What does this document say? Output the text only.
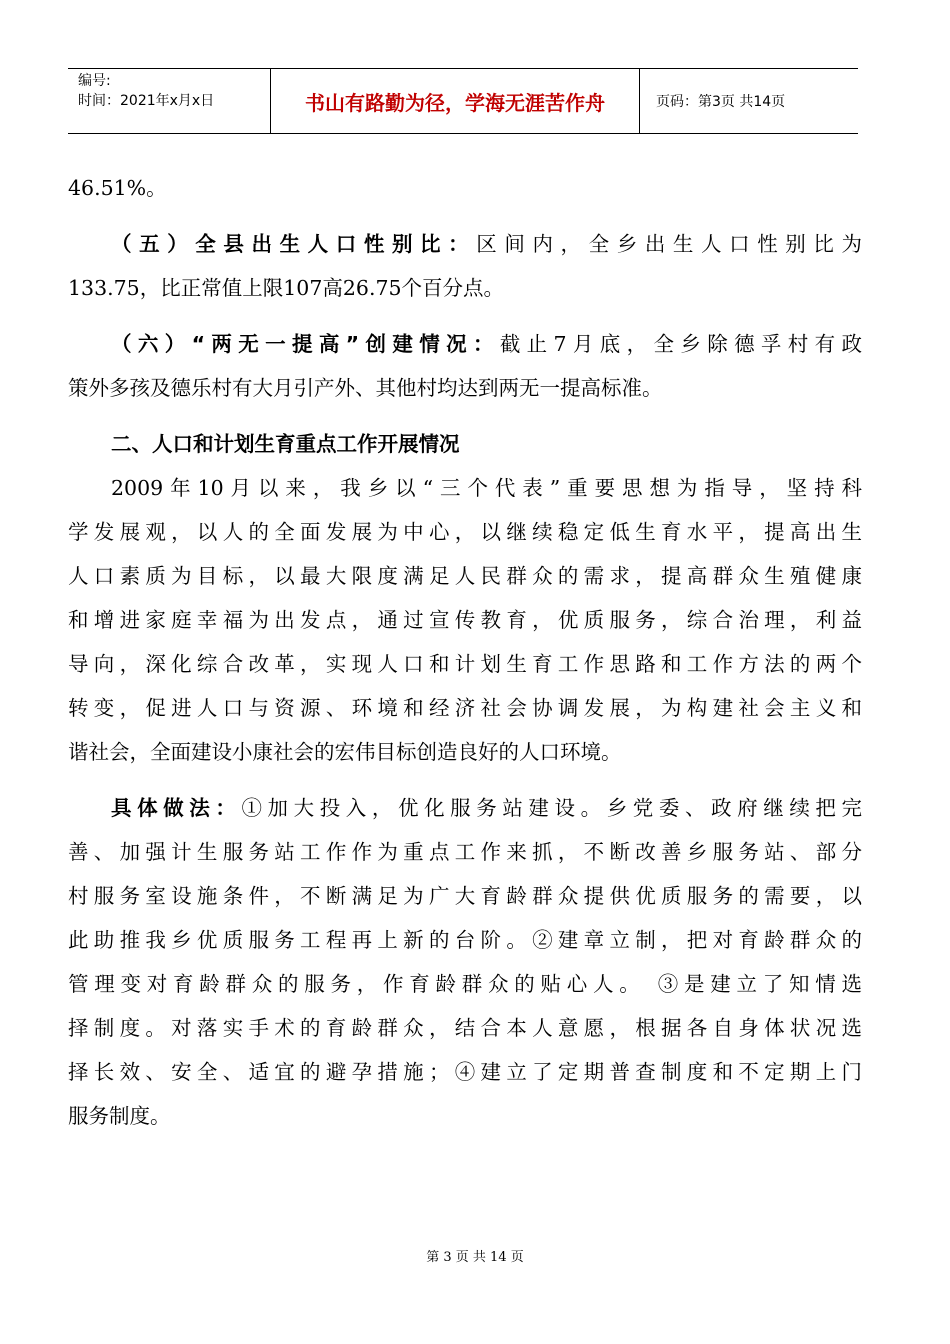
编号:
时间：2021年x月x日	书山有路勤为径，学海无涯苦作舟	页码：第3页 共14页
46.51%。
（五）全县出生人口性别比：区间内，全乡出生人口性别比为
133.75，比正常值上限107高26.75个百分点。
（六）“两无一提高”创建情况：截止7月底，全乡除德孚村有政
策外多孩及德乐村有大月引产外、其他村均达到两无一提高标准。
二、人口和计划生育重点工作开展情况
2009年10月以来，我乡以“三个代表”重要思想为指导，坚持科
学发展观，以人的全面发展为中心，以继续稳定低生育水平，提高出生
人口素质为目标，以最大限度满足人民群众的需求，提高群众生殖健康
和增进家庭幸福为出发点，通过宣传教育，优质服务，综合治理，利益
导向，深化综合改革，实现人口和计划生育工作思路和工作方法的两个
转变，促进人口与资源、环境和经济社会协调发展，为构建社会主义和
谐社会，全面建设小康社会的宏伟目标创造良好的人口环境。
具体做法：①加大投入，优化服务站建设。乡党委、政府继续把完
善、加强计生服务站工作作为重点工作来抓，不断改善乡服务站、部分
村服务室设施条件，不断满足为广大育龄群众提供优质服务的需要，以
此助推我乡优质服务工程再上新的台阶。②建章立制，把对育龄群众的
管理变对育龄群众的服务，作育龄群众的贴心人。 ③是建立了知情选
择制度。对落实手术的育龄群众，结合本人意愿，根据各自身体状况选
择长效、安全、适宜的避孕措施；④建立了定期普查制度和不定期上门
服务制度。
第 3 页 共 14 页
